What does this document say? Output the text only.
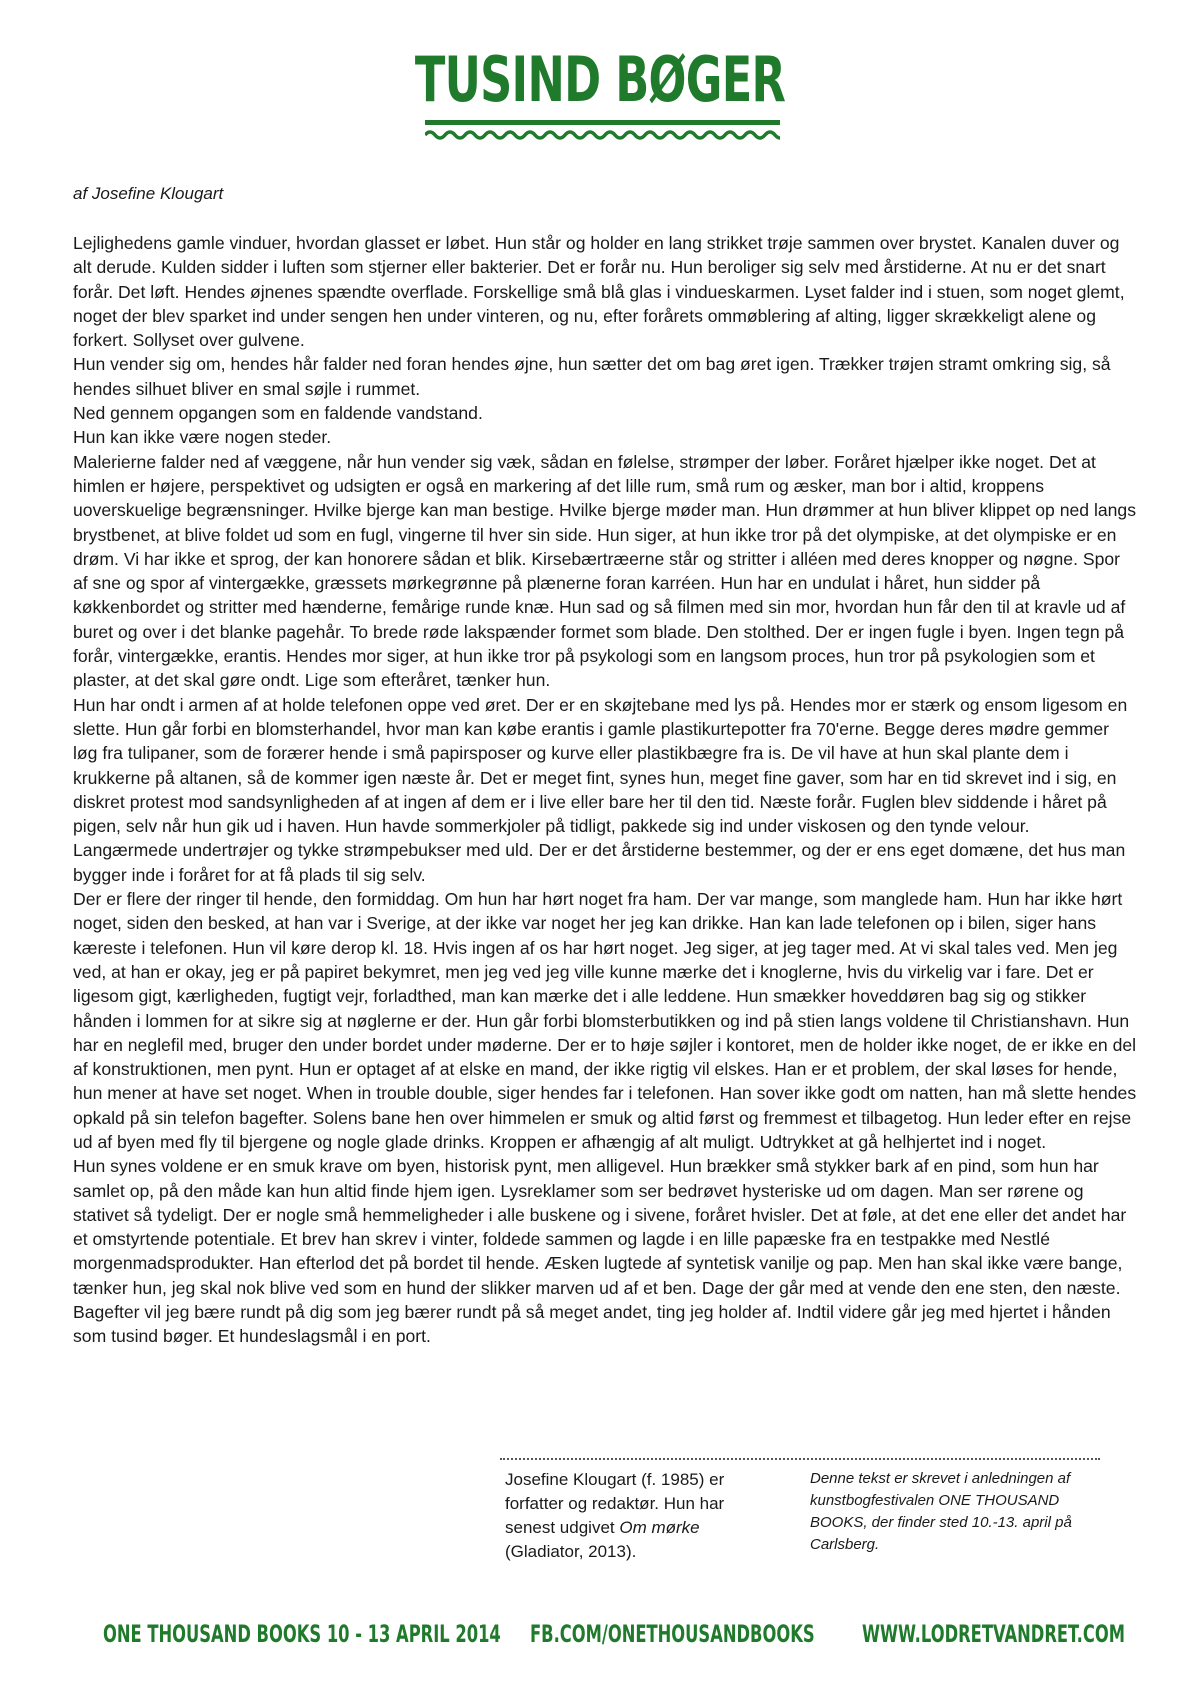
TUSIND BØGER

af Josefine Klougart

Lejlighedens gamle vinduer, hvordan glasset er løbet. Hun står og holder en lang strikket trøje sammen over brystet. Kanalen duver og alt derude. Kulden sidder i luften som stjerner eller bakterier. Det er forår nu. Hun beroliger sig selv med årstiderne. At nu er det snart forår. Det løft. Hendes øjnenes spændte overflade. Forskellige små blå glas i vindueskarmen. Lyset falder ind i stuen, som noget glemt, noget der blev sparket ind under sengen hen under vinteren, og nu, efter forårets ommøblering af alting, ligger skrækkeligt alene og forkert. Sollyset over gulvene.

Hun vender sig om, hendes hår falder ned foran hendes øjne, hun sætter det om bag øret igen. Trækker trøjen stramt omkring sig, så hendes silhuet bliver en smal søjle i rummet.

Ned gennem opgangen som en faldende vandstand.

Hun kan ikke være nogen steder.

Malerierne falder ned af væggene, når hun vender sig væk, sådan en følelse, strømper der løber. Foråret hjælper ikke noget. Det at himlen er højere, perspektivet og udsigten er også en markering af det lille rum, små rum og æsker, man bor i altid, kroppens uoverskuelige begrænsninger. Hvilke bjerge kan man bestige. Hvilke bjerge møder man. Hun drømmer at hun bliver klippet op ned langs brystbenet, at blive foldet ud som en fugl, vingerne til hver sin side. Hun siger, at hun ikke tror på det olympiske, at det olympiske er en drøm. Vi har ikke et sprog, der kan honorere sådan et blik. Kirsebærtræerne står og stritter i alléen med deres knopper og nøgne. Spor af sne og spor af vintergække, græssets mørkegrønne på plænerne foran karréen. Hun har en undulat i håret, hun sidder på køkkenbordet og stritter med hænderne, femårige runde knæ. Hun sad og så filmen med sin mor, hvordan hun får den til at kravle ud af buret og over i det blanke pagehår. To brede røde lakspænder formet som blade. Den stolthed. Der er ingen fugle i byen. Ingen tegn på forår, vintergække, erantis. Hendes mor siger, at hun ikke tror på psykologi som en langsom proces, hun tror på psykologien som et plaster, at det skal gøre ondt. Lige som efteråret, tænker hun.

Hun har ondt i armen af at holde telefonen oppe ved øret. Der er en skøjtebane med lys på. Hendes mor er stærk og ensom ligesom en slette. Hun går forbi en blomsterhandel, hvor man kan købe erantis i gamle plastikurtepotter fra 70'erne. Begge deres mødre gemmer løg fra tulipaner, som de forærer hende i små papirsposer og kurve eller plastikbægre fra is. De vil have at hun skal plante dem i krukkerne på altanen, så de kommer igen næste år. Det er meget fint, synes hun, meget fine gaver, som har en tid skrevet ind i sig, en diskret protest mod sandsynligheden af at ingen af dem er i live eller bare her til den tid. Næste forår. Fuglen blev siddende i håret på pigen, selv når hun gik ud i haven. Hun havde sommerkjoler på tidligt, pakkede sig ind under viskosen og den tynde velour. Langærmede undertrøjer og tykke strømpebukser med uld. Der er det årstiderne bestemmer, og der er ens eget domæne, det hus man bygger inde i foråret for at få plads til sig selv.

Der er flere der ringer til hende, den formiddag. Om hun har hørt noget fra ham. Der var mange, som manglede ham. Hun har ikke hørt noget, siden den besked, at han var i Sverige, at der ikke var noget her jeg kan drikke. Han kan lade telefonen op i bilen, siger hans kæreste i telefonen. Hun vil køre derop kl. 18. Hvis ingen af os har hørt noget. Jeg siger, at jeg tager med. At vi skal tales ved. Men jeg ved, at han er okay, jeg er på papiret bekymret, men jeg ved jeg ville kunne mærke det i knoglerne, hvis du virkelig var i fare. Det er ligesom gigt, kærligheden, fugtigt vejr, forladthed, man kan mærke det i alle leddene. Hun smækker hoveddøren bag sig og stikker hånden i lommen for at sikre sig at nøglerne er der. Hun går forbi blomsterbutikken og ind på stien langs voldene til Christianshavn. Hun har en neglefil med, bruger den under bordet under møderne. Der er to høje søjler i kontoret, men de holder ikke noget, de er ikke en del af konstruktionen, men pynt. Hun er optaget af at elske en mand, der ikke rigtig vil elskes. Han er et problem, der skal løses for hende, hun mener at have set noget. When in trouble double, siger hendes far i telefonen. Han sover ikke godt om natten, han må slette hendes opkald på sin telefon bagefter. Solens bane hen over himmelen er smuk og altid først og fremmest et tilbagetog. Hun leder efter en rejse ud af byen med fly til bjergene og nogle glade drinks. Kroppen er afhængig af alt muligt. Udtrykket at gå helhjertet ind i noget.

Hun synes voldene er en smuk krave om byen, historisk pynt, men alligevel. Hun brækker små stykker bark af en pind, som hun har samlet op, på den måde kan hun altid finde hjem igen. Lysreklamer som ser bedrøvet hysteriske ud om dagen. Man ser rørene og stativet så tydeligt. Der er nogle små hemmeligheder i alle buskene og i sivene, foråret hvisler. Det at føle, at det ene eller det andet har et omstyrtende potentiale. Et brev han skrev i vinter, foldede sammen og lagde i en lille papæske fra en testpakke med Nestlé morgenmadsprodukter. Han efterlod det på bordet til hende. Æsken lugtede af syntetisk vanilje og pap. Men han skal ikke være bange, tænker hun, jeg skal nok blive ved som en hund der slikker marven ud af et ben. Dage der går med at vende den ene sten, den næste. Bagefter vil jeg bære rundt på dig som jeg bærer rundt på så meget andet, ting jeg holder af. Indtil videre går jeg med hjertet i hånden som tusind bøger. Et hundeslagsmål i en port.

Josefine Klougart (f. 1985) er forfatter og redaktør. Hun har senest udgivet Om mørke (Gladiator, 2013).

Denne tekst er skrevet i anledningen af kunstbogfestivalen ONE THOUSAND BOOKS, der finder sted 10.-13. april på Carlsberg.

ONE THOUSAND BOOKS 10 - 13 APRIL 2014 FB.COM/ONETHOUSANDBOOKS WWW.LODRETVANDRET.COM
